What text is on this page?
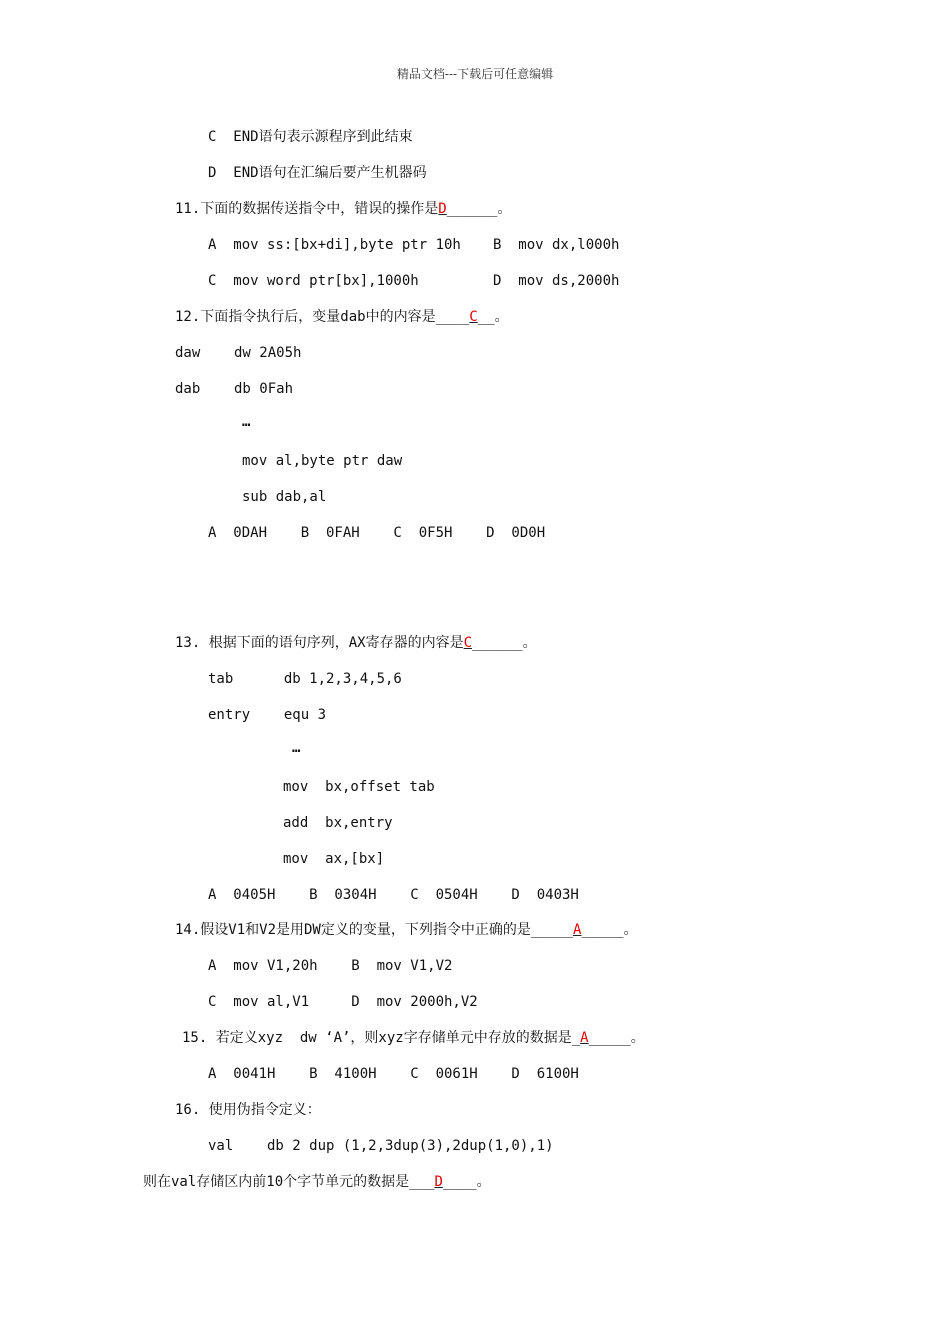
精品文档---下载后可任意编辑
C  END语句表示源程序到此结束
D  END语句在汇编后要产生机器码
11.下面的数据传送指令中，错误的操作是D______。
A  mov ss:[bx+di],byte ptr 10h B  mov dx,l000h
C  mov word ptr[bx],1000h	D  mov ds,2000h
12.下面指令执行后，变量dab中的内容是____C__。
daw    dw 2A05h
dab    db 0Fah
…
mov al,byte ptr daw
sub dab,al
A  0DAH    B  0FAH    C  0F5H    D  0D0H
13. 根据下面的语句序列，AX寄存器的内容是C______。
tab      db 1,2,3,4,5,6
entry    equ 3
…
mov  bx,offset tab
add  bx,entry
mov  ax,[bx]
A  0405H    B  0304H    C  0504H    D  0403H
14.假设V1和V2是用DW定义的变量，下列指令中正确的是_____A_____。
A  mov V1,20h    B  mov V1,V2
C  mov al,V1     D  mov 2000h,V2
15. 若定义xyz  dw ‘A’，则xyz字存储单元中存放的数据是_A_____。
A  0041H    B  4100H    C  0061H    D  6100H
16. 使用伪指令定义：
val    db 2 dup (1,2,3dup(3),2dup(1,0),1)
则在val存储区内前10个字节单元的数据是___D____。
